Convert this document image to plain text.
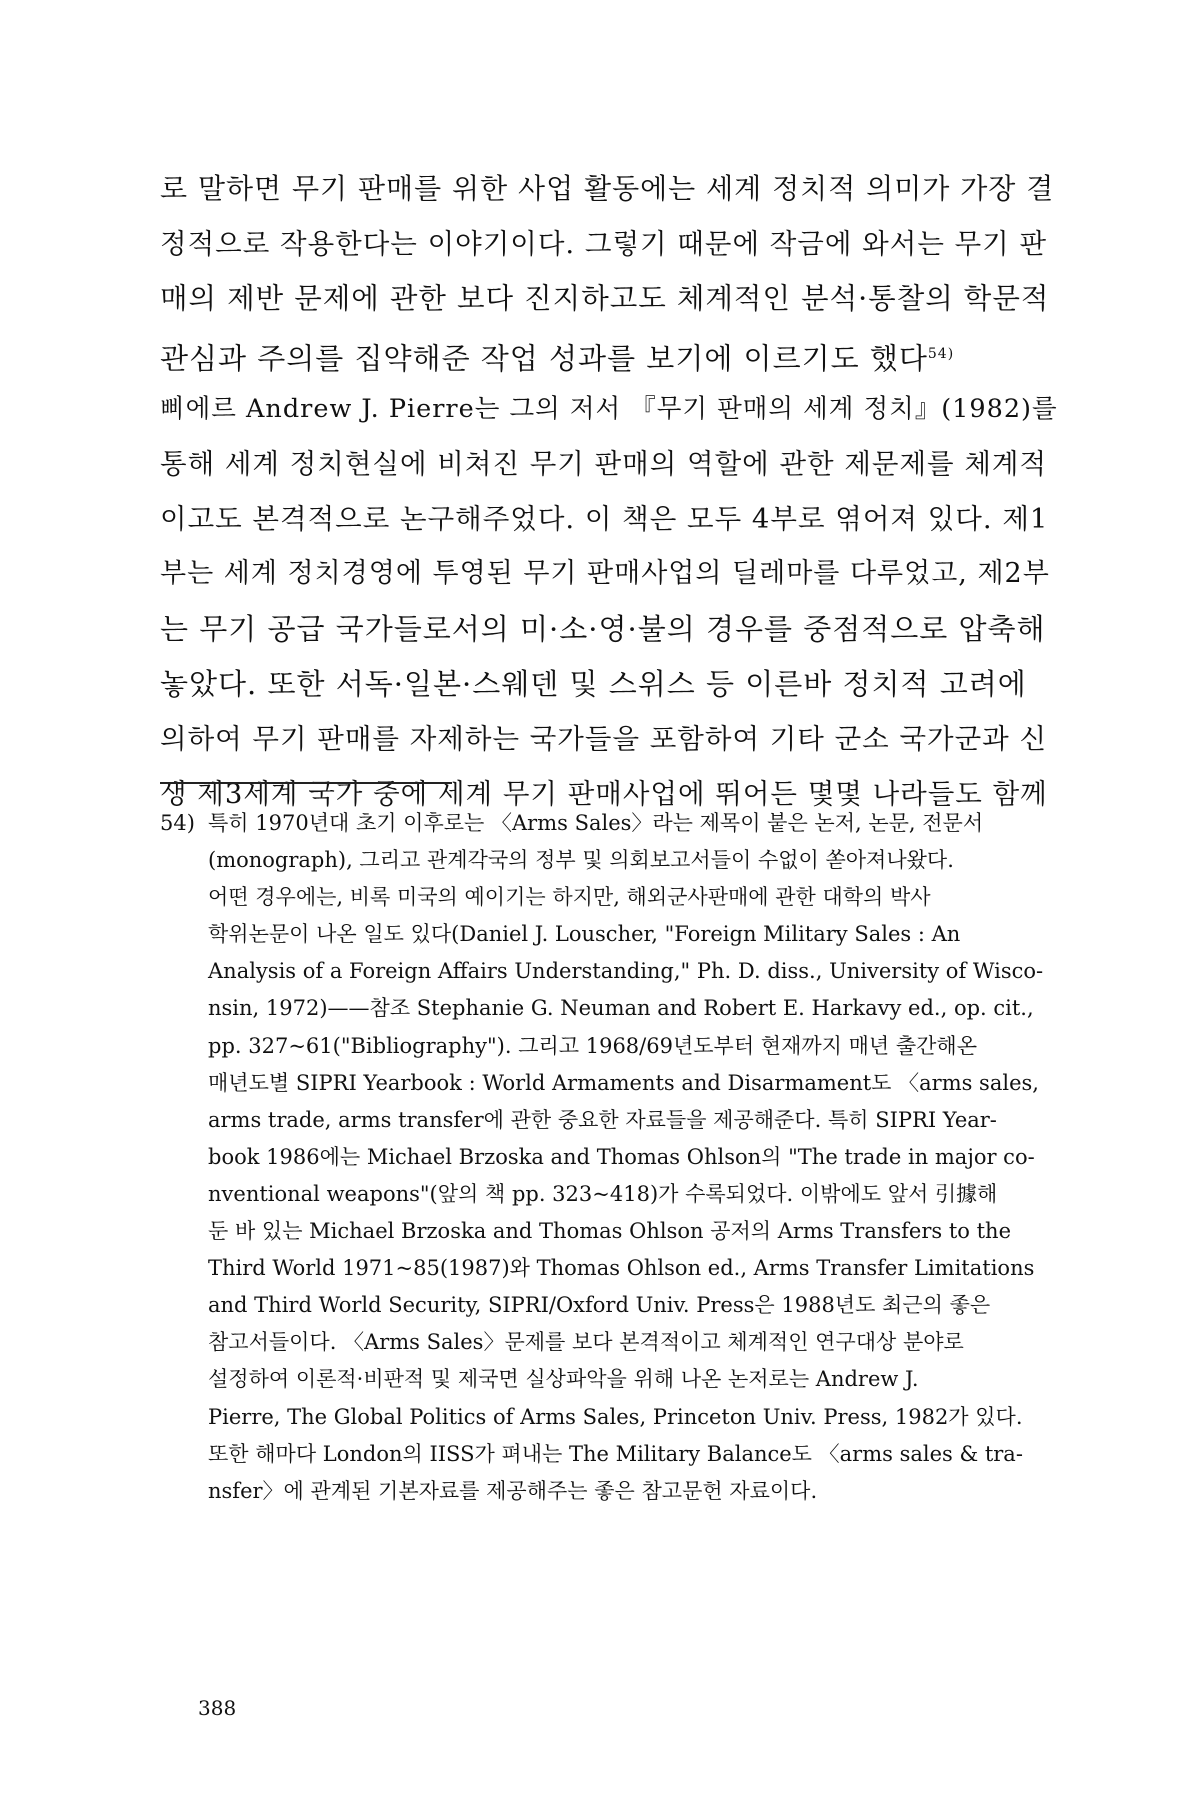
로 말하면 무기 판매를 위한 사업 활동에는 세계 정치적 의미가 가장 결
정적으로 작용한다는 이야기이다. 그렇기 때문에 작금에 와서는 무기 판
매의 제반 문제에 관한 보다 진지하고도 체계적인 분석·통찰의 학문적
관심과 주의를 집약해준 작업 성과를 보기에 이르기도 했다$^{54)}$
삐에르 Andrew J. Pierre는 그의 저서 『무기 판매의 세계 정치』(1982)를
통해 세계 정치현실에 비쳐진 무기 판매의 역할에 관한 제문제를 체계적
이고도 본격적으로 논구해주었다. 이 책은 모두 4부로 엮어져 있다. 제1
부는 세계 정치경영에 투영된 무기 판매사업의 딜레마를 다루었고, 제2부
는 무기 공급 국가들로서의 미·소·영·불의 경우를 중점적으로 압축해
놓았다. 또한 서독·일본·스웨덴 및 스위스 등 이른바 정치적 고려에
의하여 무기 판매를 자제하는 국가들을 포함하여 기타 군소 국가군과 신
생 제3세계 국가 중에 세계 무기 판매사업에 뛰어든 몇몇 나라들도 함께
54) 특히 1970년대 초기 이후로는 〈Arms Sales〉라는 제목이 붙은 논저, 논문, 전문서
(monograph), 그리고 관계각국의 정부 및 의회보고서들이 수없이 쏟아져나왔다.
어떤 경우에는, 비록 미국의 예이기는 하지만, 해외군사판매에 관한 대학의 박사
학위논문이 나온 일도 있다(Daniel J. Louscher, "Foreign Military Sales : An
Analysis of a Foreign Affairs Understanding," Ph. D. diss., University of Wisco-
nsin, 1972)——참조 Stephanie G. Neuman and Robert E. Harkavy ed., op. cit.,
pp. 327~61("Bibliography"). 그리고 1968/69년도부터 현재까지 매년 출간해온
매년도별 SIPRI Yearbook : World Armaments and Disarmament도 〈arms sales,
arms trade, arms transfer에 관한 중요한 자료들을 제공해준다. 특히 SIPRI Year-
book 1986에는 Michael Brzoska and Thomas Ohlson의 "The trade in major co-
nventional weapons"(앞의 책 pp. 323~418)가 수록되었다. 이밖에도 앞서 引據해
둔 바 있는 Michael Brzoska and Thomas Ohlson 공저의 Arms Transfers to the
Third World 1971~85(1987)와 Thomas Ohlson ed., Arms Transfer Limitations
and Third World Security, SIPRI/Oxford Univ. Press은 1988년도 최근의 좋은
참고서들이다. 〈Arms Sales〉문제를 보다 본격적이고 체계적인 연구대상 분야로
설정하여 이론적·비판적 및 제국면 실상파악을 위해 나온 논저로는 Andrew J.
Pierre, The Global Politics of Arms Sales, Princeton Univ. Press, 1982가 있다.
또한 해마다 London의 IISS가 펴내는 The Military Balance도 〈arms sales & tra-
nsfer〉에 관계된 기본자료를 제공해주는 좋은 참고문헌 자료이다.
388
